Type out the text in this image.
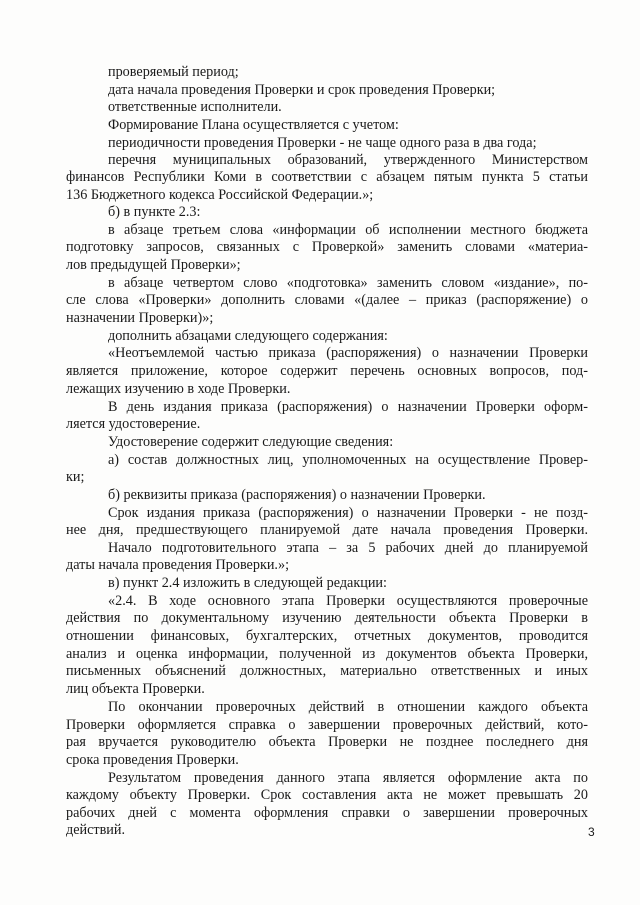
проверяемый период;
дата начала проведения Проверки и срок проведения Проверки;
ответственные исполнители.
Формирование Плана осуществляется с учетом:
периодичности проведения Проверки - не чаще одного раза в два года;
перечня муниципальных образований, утвержденного Министерством
финансов Республики Коми в соответствии с абзацем пятым пункта 5 статьи
136 Бюджетного кодекса Российской Федерации.»;
б) в пункте 2.3:
в абзаце третьем слова «информации об исполнении местного бюджета
подготовку запросов, связанных с Проверкой» заменить словами «материа-
лов предыдущей Проверки»;
в абзаце четвертом слово «подготовка» заменить словом «издание», по-
сле слова «Проверки» дополнить словами «(далее – приказ (распоряжение) о
назначении Проверки)»;
дополнить абзацами следующего содержания:
«Неотъемлемой частью приказа (распоряжения) о назначении Проверки
является приложение, которое содержит перечень основных вопросов, под-
лежащих изучению в ходе Проверки.
В день издания приказа (распоряжения) о назначении Проверки оформ-
ляется удостоверение.
Удостоверение содержит следующие сведения:
а) состав должностных лиц, уполномоченных на осуществление Провер-
ки;
б) реквизиты приказа (распоряжения) о назначении Проверки.
Срок издания приказа (распоряжения) о назначении Проверки - не позд-
нее дня, предшествующего планируемой дате начала проведения Проверки.
Начало подготовительного этапа – за 5 рабочих дней до планируемой
даты начала проведения Проверки.»;
в) пункт 2.4 изложить в следующей редакции:
«2.4. В ходе основного этапа Проверки осуществляются проверочные
действия по документальному изучению деятельности объекта Проверки в
отношении финансовых, бухгалтерских, отчетных документов, проводится
анализ и оценка информации, полученной из документов объекта Проверки,
письменных объяснений должностных, материально ответственных и иных
лиц объекта Проверки.
По окончании проверочных действий в отношении каждого объекта
Проверки оформляется справка о завершении проверочных действий, кото-
рая вручается руководителю объекта Проверки не позднее последнего дня
срока проведения Проверки.
Результатом проведения данного этапа является оформление акта по
каждому объекту Проверки. Срок составления акта не может превышать 20
рабочих дней с момента оформления справки о завершении проверочных
действий.	3
